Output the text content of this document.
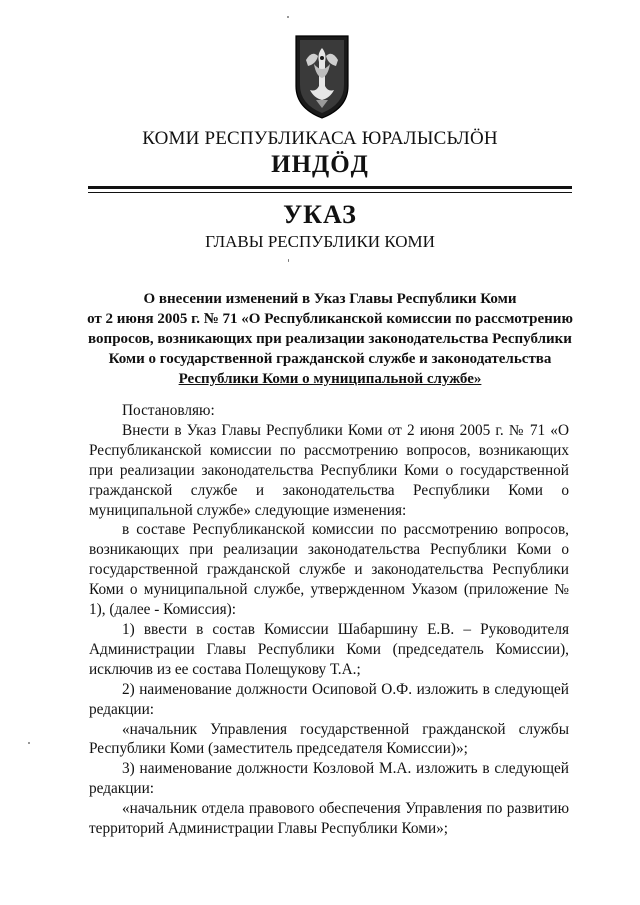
КОМИ РЕСПУБЛИКАСА ЮРАЛЫСЬЛÖН
ИНДÖД
УКАЗ
ГЛАВЫ РЕСПУБЛИКИ КОМИ
О внесении изменений в Указ Главы Республики Коми
от 2 июня 2005 г. № 71 «О Республиканской комиссии по рассмотрению
вопросов, возникающих при реализации законодательства Республики
Коми о государственной гражданской службе и законодательства
Республики Коми о муниципальной службе»

Постановляю:

Внести в Указ Главы Республики Коми от 2 июня 2005 г. № 71 «О Республиканской комиссии по рассмотрению вопросов, возникающих при реализации законодательства Республики Коми о государственной гражданской службе и законодательства Республики Коми о муниципальной службе» следующие изменения:

в составе Республиканской комиссии по рассмотрению вопросов, возникающих при реализации законодательства Республики Коми о государственной гражданской службе и законодательства Республики Коми о муниципальной службе, утвержденном Указом (приложение № 1), (далее - Комиссия):

1) ввести в состав Комиссии Шабаршину Е.В. – Руководителя Администрации Главы Республики Коми (председатель Комиссии), исключив из ее состава Полещукову Т.А.;

2) наименование должности Осиповой О.Ф. изложить в следующей редакции:

«начальник Управления государственной гражданской службы Республики Коми (заместитель председателя Комиссии)»;

3) наименование должности Козловой М.А. изложить в следующей редакции:

«начальник отдела правового обеспечения Управления по развитию территорий Администрации Главы Республики Коми»;
